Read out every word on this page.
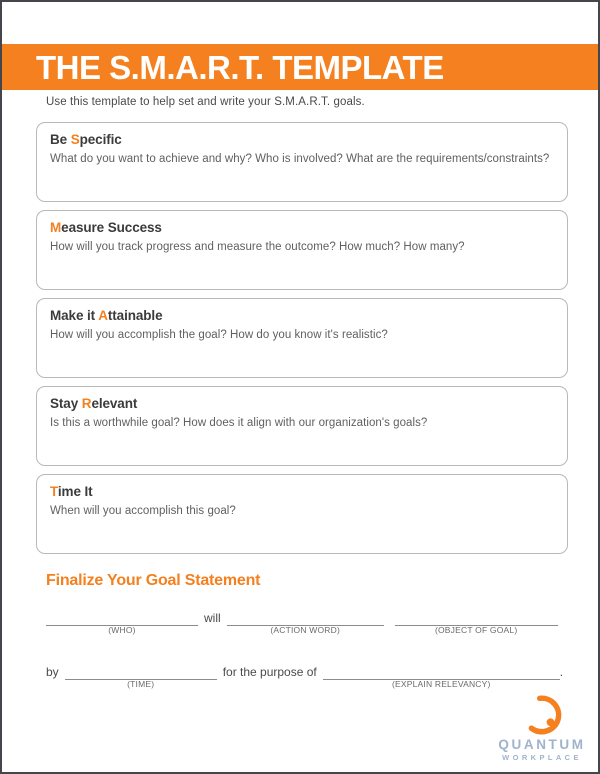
THE S.M.A.R.T. TEMPLATE
Use this template to help set and write your S.M.A.R.T. goals.
Be Specific
What do you want to achieve and why? Who is involved? What are the requirements/constraints?
Measure Success
How will you track progress and measure the outcome? How much? How many?
Make it Attainable
How will you accomplish the goal? How do you know it's realistic?
Stay Relevant
Is this a worthwhile goal? How does it align with our organization's goals?
Time It
When will you accomplish this goal?
Finalize Your Goal Statement
(WHO)
will
(ACTION WORD)	(OBJECT OF GOAL)
by
(TIME)
for the purpose of
(EXPLAIN RELEVANCY)
.
QUANTUM
WORKPLACE
